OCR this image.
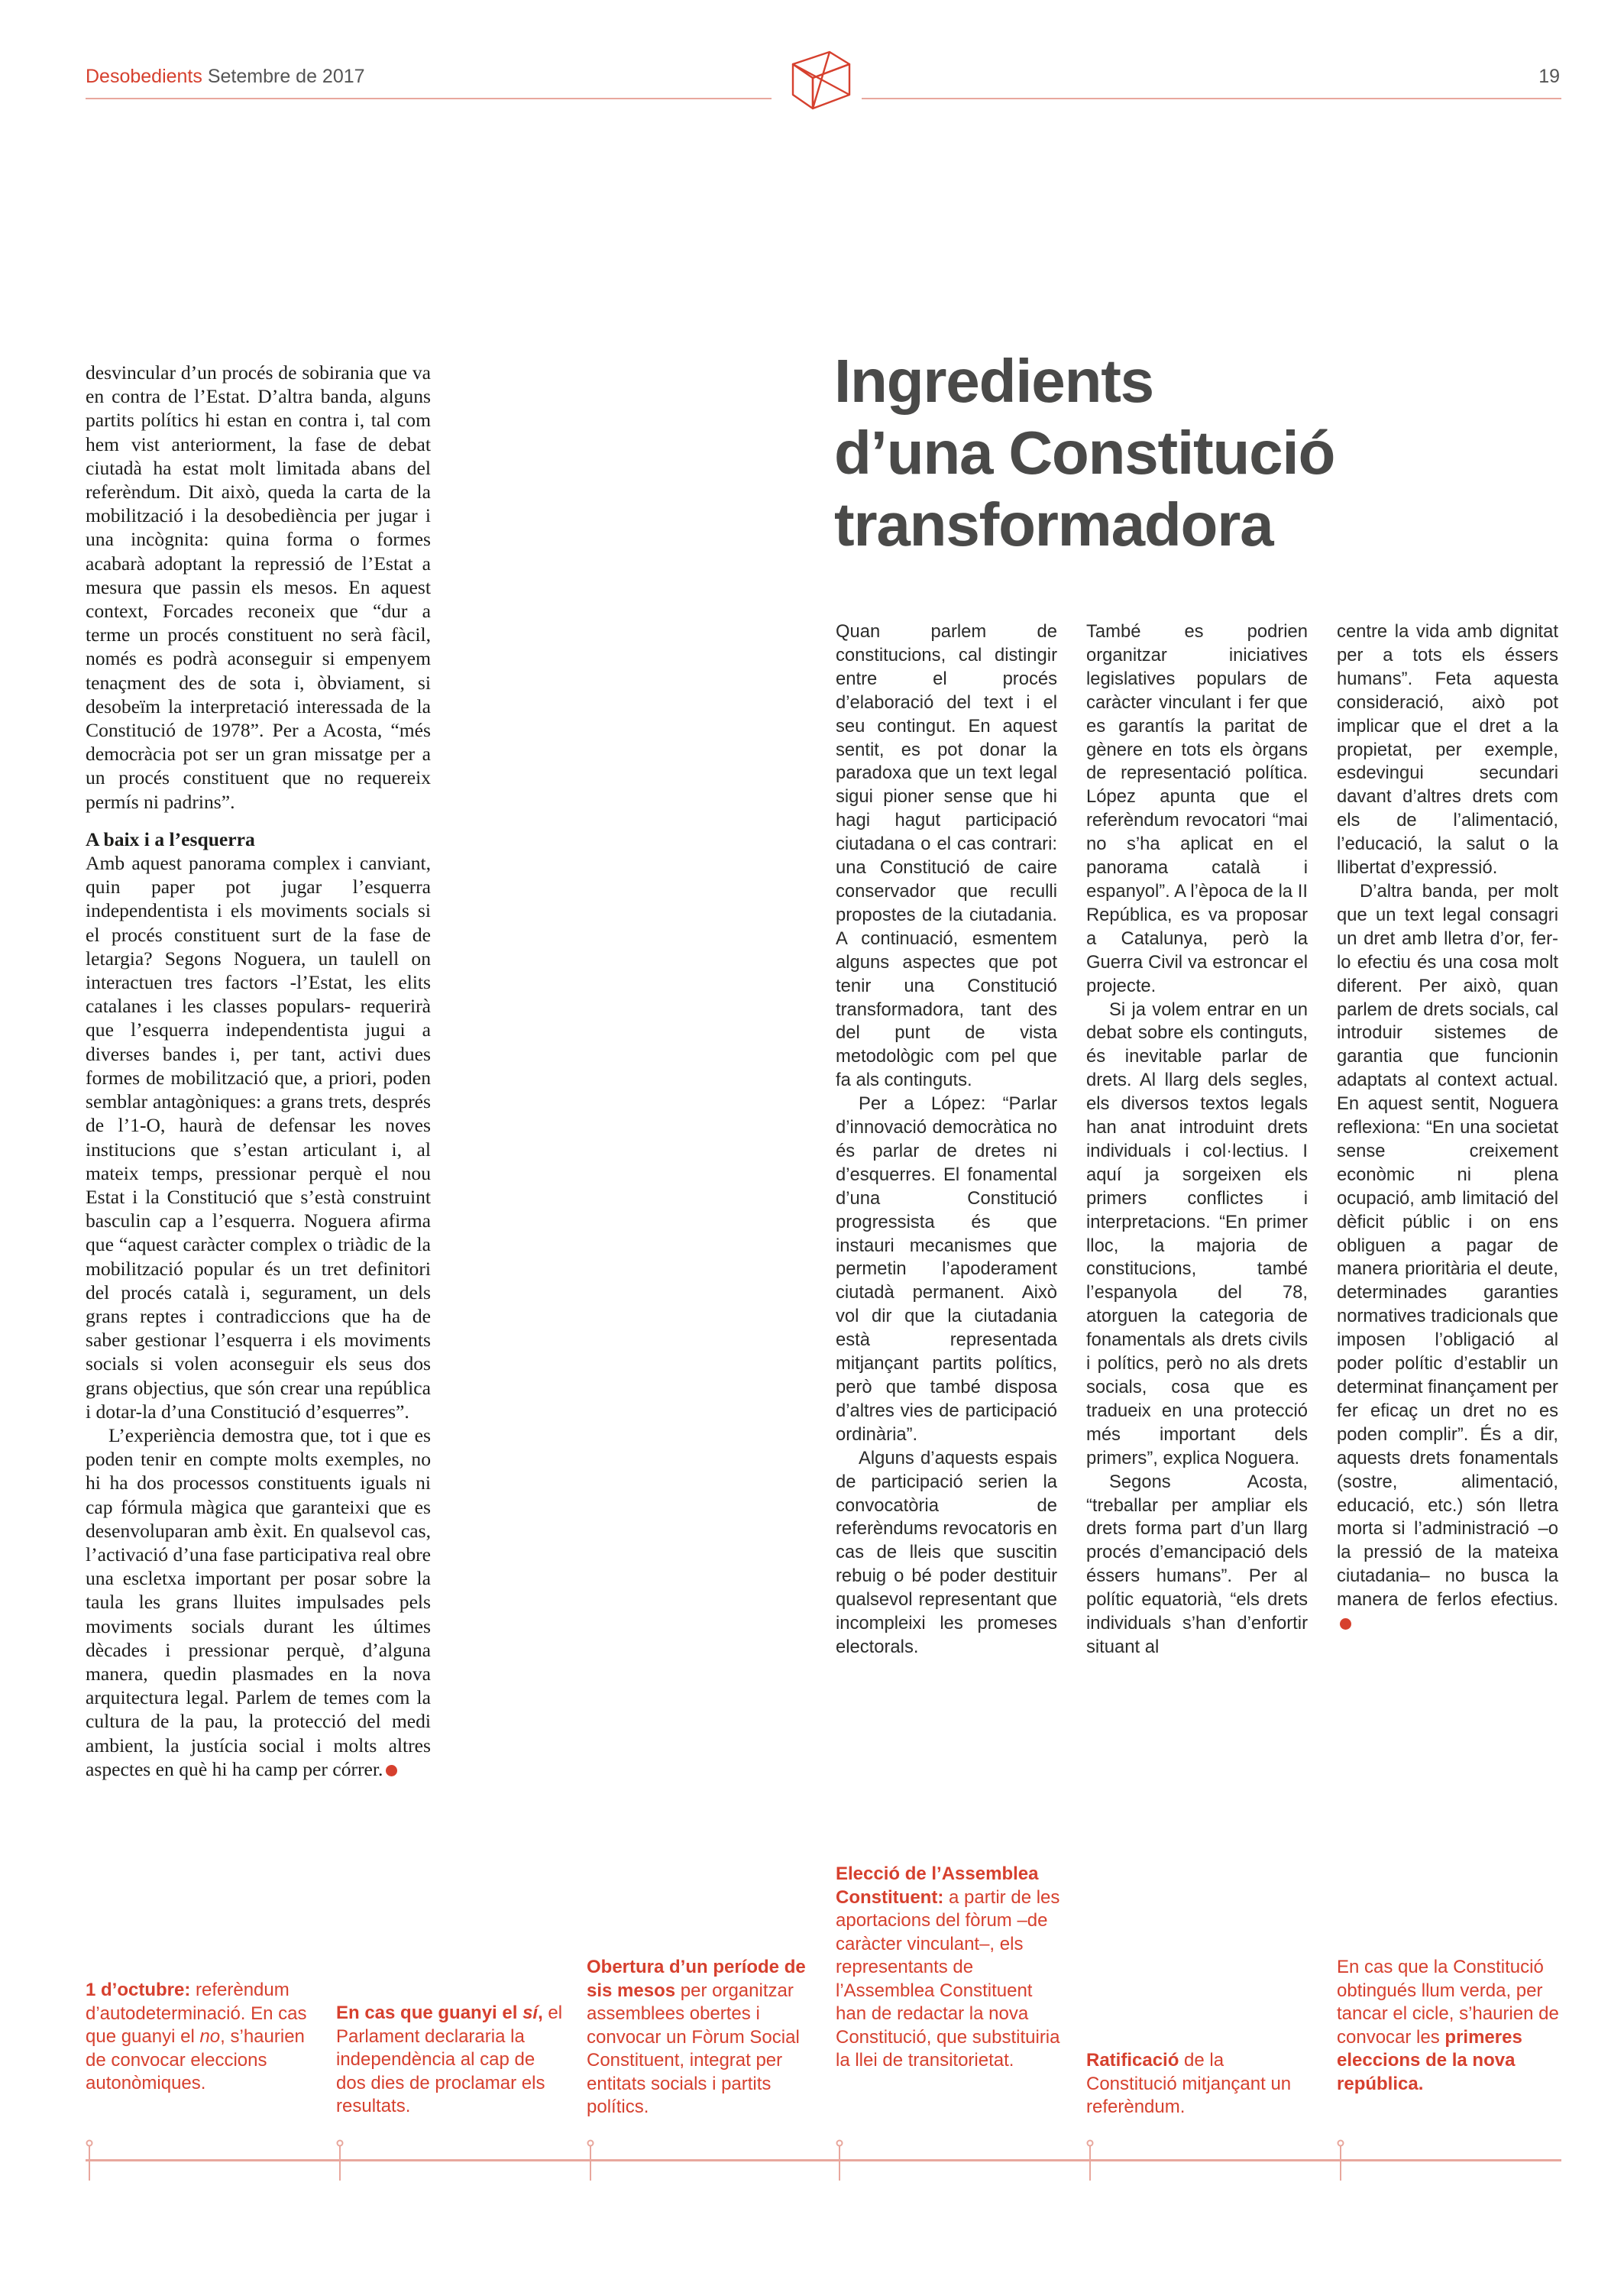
Desobedients Setembre de 2017	19

desvincular d’un procés de sobirania que va en contra de l’Estat. D’altra banda, alguns partits polítics hi estan en contra i, tal com hem vist anteriorment, la fase de debat ciutadà ha estat molt limitada abans del referèndum. Dit això, queda la carta de la mobilització i la desobediència per jugar i una incògnita: quina forma o formes acabarà adoptant la repressió de l’Estat a mesura que passin els mesos. En aquest context, Forcades reconeix que “dur a terme un procés constituent no serà fàcil, només es podrà aconseguir si empenyem tenaçment des de sota i, òbviament, si desobeïm la interpretació interessada de la Constitució de 1978”. Per a Acosta, “més democràcia pot ser un gran missatge per a un procés constituent que no requereix permís ni padrins”.

A baix i a l’esquerra

Amb aquest panorama complex i canviant, quin paper pot jugar l’esquerra independentista i els moviments socials si el procés constituent surt de la fase de letargia? Segons Noguera, un taulell on interactuen tres factors -l’Estat, les elits catalanes i les classes populars- requerirà que l’esquerra independentista jugui a diverses bandes i, per tant, activi dues formes de mobilització que, a priori, poden semblar antagòniques: a grans trets, després de l’1-O, haurà de defensar les noves institucions que s’estan articulant i, al mateix temps, pressionar perquè el nou Estat i la Constitució que s’està construint basculin cap a l’esquerra. Noguera afirma que “aquest caràcter complex o triàdic de la mobilització popular és un tret definitori del procés català i, segurament, un dels grans reptes i contradiccions que ha de saber gestionar l’esquerra i els moviments socials si volen aconseguir els seus dos grans objectius, que són crear una república i dotar-la d’una Constitució d’esquerres”.

L’experiència demostra que, tot i que es poden tenir en compte molts exemples, no hi ha dos processos constituents iguals ni cap fórmula màgica que garanteixi que es desenvoluparan amb èxit. En qualsevol cas, l’activació d’una fase participativa real obre una escletxa important per posar sobre la taula les grans lluites impulsades pels moviments socials durant les últimes dècades i pressionar perquè, d’alguna manera, quedin plasmades en la nova arquitectura legal. Parlem de temes com la cultura de la pau, la protecció del medi ambient, la justícia social i molts altres aspectes en què hi ha camp per córrer.

Ingredients
d’una Constitució
transformadora

Quan parlem de constitucions, cal distingir entre el procés d’elaboració del text i el seu contingut. En aquest sentit, es pot donar la paradoxa que un text legal sigui pioner sense que hi hagi hagut participació ciutadana o el cas contrari: una Constitució de caire conservador que reculli propostes de la ciutadania. A continuació, esmentem alguns aspectes que pot tenir una Constitució transformadora, tant des del punt de vista metodològic com pel que fa als continguts.

Per a López: “Parlar d’innovació democràtica no és parlar de dretes ni d’esquerres. El fonamental d’una Constitució progressista és que instauri mecanismes que permetin l’apoderament ciutadà permanent. Això vol dir que la ciutadania està representada mitjançant partits polítics, però que també disposa d’altres vies de participació ordinària”.

Alguns d’aquests espais de participació serien la convocatòria de referèndums revocatoris en cas de lleis que suscitin rebuig o bé poder destituir qualsevol representant que incompleixi les promeses electorals.

També es podrien organitzar iniciatives legislatives populars de caràcter vinculant i fer que es garantís la paritat de gènere en tots els òrgans de representació política. López apunta que el referèndum revocatori “mai no s’ha aplicat en el panorama català i espanyol”. A l’època de la II República, es va proposar a Catalunya, però la Guerra Civil va estroncar el projecte.

Si ja volem entrar en un debat sobre els continguts, és inevitable parlar de drets. Al llarg dels segles, els diversos textos legals han anat introduint drets individuals i col·lectius. I aquí ja sorgeixen els primers conflictes i interpretacions. “En primer lloc, la majoria de constitucions, també l’espanyola del 78, atorguen la categoria de fonamentals als drets civils i polítics, però no als drets socials, cosa que es tradueix en una protecció més important dels primers”, explica Noguera.

Segons Acosta, “treballar per ampliar els drets forma part d’un llarg procés d’emancipació dels éssers humans”. Per al polític equatorià, “els drets individuals s’han d’enfortir situant al

centre la vida amb dignitat per a tots els éssers humans”. Feta aquesta consideració, això pot implicar que el dret a la propietat, per exemple, esdevingui secundari davant d’altres drets com els de l’alimentació, l’educació, la salut o la llibertat d’expressió.

D’altra banda, per molt que un text legal consagri un dret amb lletra d’or, fer-lo efectiu és una cosa molt diferent. Per això, quan parlem de drets socials, cal introduir sistemes de garantia que funcionin adaptats al context actual. En aquest sentit, Noguera reflexiona: “En una societat sense creixement econòmic ni plena ocupació, amb limitació del dèficit públic i on ens obliguen a pagar de manera prioritària el deute, determinades garanties normatives tradicionals que imposen l’obligació al poder polític d’establir un determinat finançament per fer eficaç un dret no es poden complir”. És a dir, aquests drets fonamentals (sostre, alimentació, educació, etc.) són lletra morta si l’administració –o la pressió de la mateixa ciutadania– no busca la manera de ferlos efectius.

1 d’octubre: referèndum d’autodeterminació. En cas que guanyi el no, s’haurien de convocar eleccions autonòmiques.
En cas que guanyi el sí, el Parlament declararia la independència al cap de dos dies de proclamar els resultats.
Obertura d’un període de sis mesos per organitzar assemblees obertes i convocar un Fòrum Social Constituent, integrat per entitats socials i partits polítics.
Elecció de l’Assemblea Constituent: a partir de les aportacions del fòrum –de caràcter vinculant–, els representants de l’Assemblea Constituent han de redactar la nova Constitució, que substituiria la llei de transitorietat.	Ratificació de la Constitució mitjançant un referèndum.
En cas que la Constitució obtingués llum verda, per tancar el cicle, s’haurien de convocar les primeres eleccions de la nova república.
